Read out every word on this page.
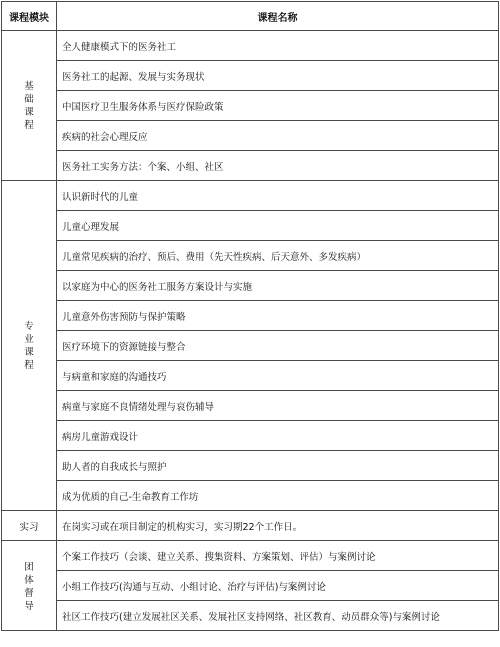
课程模块	课程名称
基础课程	全人健康模式下的医务社工
	医务社工的起源、发展与实务现状
	中国医疗卫生服务体系与医疗保险政策
	疾病的社会心理反应
	医务社工实务方法：个案、小组、社区
专业课程	认识新时代的儿童
	儿童心理发展
	儿童常见疾病的治疗、预后、费用（先天性疾病、后天意外、多发疾病）
	以家庭为中心的医务社工服务方案设计与实施
	儿童意外伤害预防与保护策略
	医疗环境下的资源链接与整合
	与病童和家庭的沟通技巧
	病童与家庭不良情绪处理与哀伤辅导
	病房儿童游戏设计
	助人者的自我成长与照护
	成为优质的自己-生命教育工作坊
实习	在岗实习或在项目制定的机构实习，实习期22个工作日。
团体督导	个案工作技巧（会谈、建立关系、搜集资料、方案策划、评估）与案例讨论
	小组工作技巧(沟通与互动、小组讨论、治疗与评估)与案例讨论
	社区工作技巧(建立发展社区关系、发展社区支持网络、社区教育、动员群众等)与案例讨论
